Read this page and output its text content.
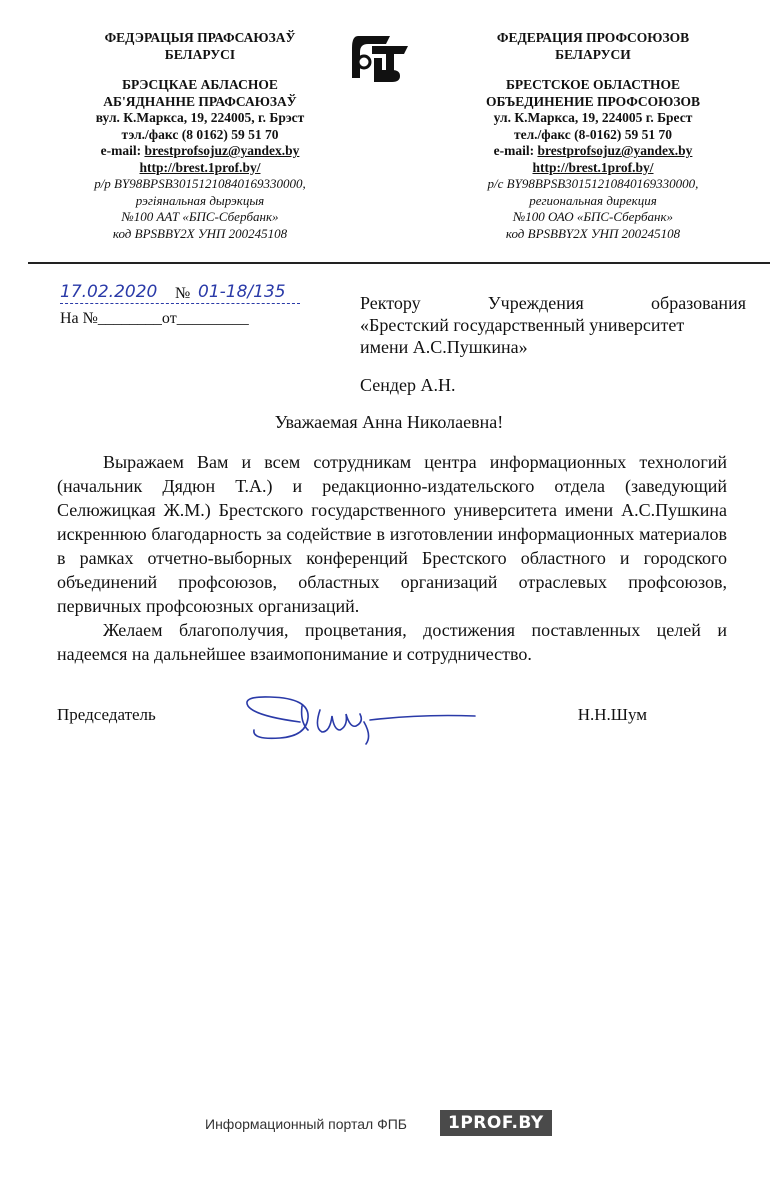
ФЕДЭРАЦЫЯ ПРАФСАЮЗАЎ
БЕЛАРУСІ
БРЭСЦКАЕ АБЛАСНОЕ
АБ'ЯДНАННЕ ПРАФСАЮЗАЎ
вул. К.Маркса, 19, 224005, г. Брэст
тэл./факс (8 0162) 59 51 70
e-mail: brestprofsojuz@yandex.by
http://brest.1prof.by/
р/р BY98BPSB30151210840169330000,
рэгіянальная дырэкцыя
№100 ААТ «БПС-Сбербанк»
код BPSBBY2X УНП 200245108
ФЕДЕРАЦИЯ ПРОФСОЮЗОВ
БЕЛАРУСИ
БРЕСТСКОЕ ОБЛАСТНОЕ
ОБЪЕДИНЕНИЕ ПРОФСОЮЗОВ
ул. К.Маркса, 19, 224005 г. Брест
тел./факс (8-0162) 59 51 70
e-mail: brestprofsojuz@yandex.by
http://brest.1prof.by/
р/с BY98BPSB30151210840169330000,
региональная дирекция
№100 ОАО «БПС-Сбербанк»
код BPSBBY2X УНП 200245108
17.02.2020 № 01-18/135
На №________от_________
Ректору	Учреждения	образования
«Брестский государственный университет
имени А.С.Пушкина»
Сендер А.Н.
Уважаемая Анна Николаевна!

Выражаем Вам и всем сотрудникам центра информационных технологий (начальник Дядюн Т.А.) и редакционно-издательского отдела (заведующий Селюжицкая Ж.М.) Брестского государственного университета имени А.С.Пушкина искреннюю благодарность за содействие в изготовлении информационных материалов в рамках отчетно-выборных конференций Брестского областного и городского объединений профсоюзов, областных организаций отраслевых профсоюзов, первичных профсоюзных организаций.

Желаем благополучия, процветания, достижения поставленных целей и надеемся на дальнейшее взаимопонимание и сотрудничество.

Председатель	Н.Н.Шум
Информационный портал ФПБ	1PROF.BY
